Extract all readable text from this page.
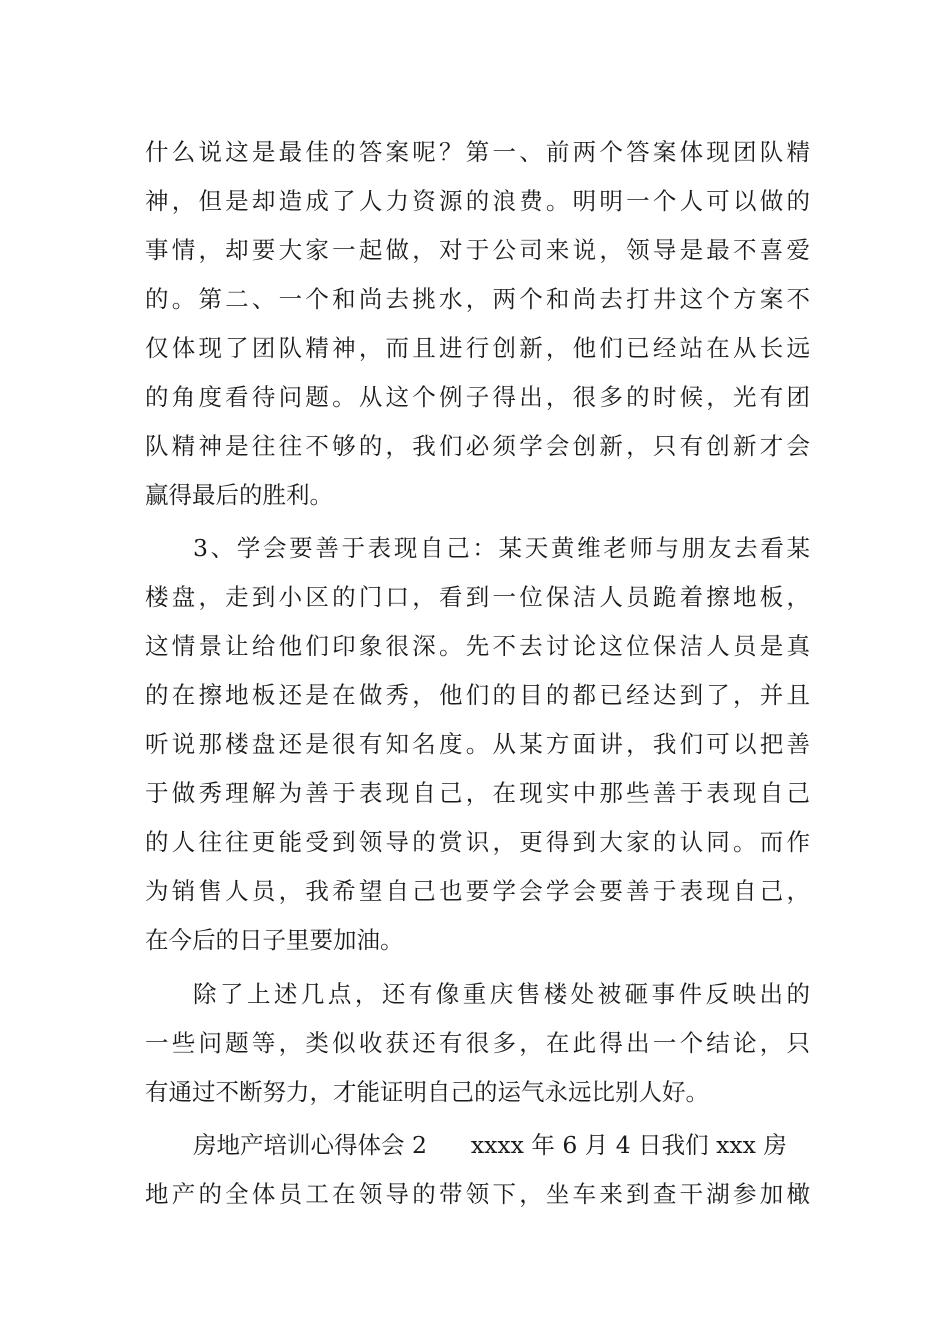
什么说这是最佳的答案呢？第一、前两个答案体现团队精
神，但是却造成了人力资源的浪费。明明一个人可以做的
事情，却要大家一起做，对于公司来说，领导是最不喜爱
的。第二、一个和尚去挑水，两个和尚去打井这个方案不
仅体现了团队精神，而且进行创新，他们已经站在从长远
的角度看待问题。从这个例子得出，很多的时候，光有团
队精神是往往不够的，我们必须学会创新，只有创新才会
赢得最后的胜利。
3、学会要善于表现自己：某天黄维老师与朋友去看某
楼盘，走到小区的门口，看到一位保洁人员跪着擦地板，
这情景让给他们印象很深。先不去讨论这位保洁人员是真
的在擦地板还是在做秀，他们的目的都已经达到了，并且
听说那楼盘还是很有知名度。从某方面讲，我们可以把善
于做秀理解为善于表现自己，在现实中那些善于表现自己
的人往往更能受到领导的赏识，更得到大家的认同。而作
为销售人员，我希望自己也要学会学会要善于表现自己，
在今后的日子里要加油。
除了上述几点，还有像重庆售楼处被砸事件反映出的
一些问题等，类似收获还有很多，在此得出一个结论，只
有通过不断努力，才能证明自己的运气永远比别人好。
房地产培训心得体会 2 xxxx 年 6 月 4 日我们 xxx 房
地产的全体员工在领导的带领下，坐车来到查干湖参加橄
